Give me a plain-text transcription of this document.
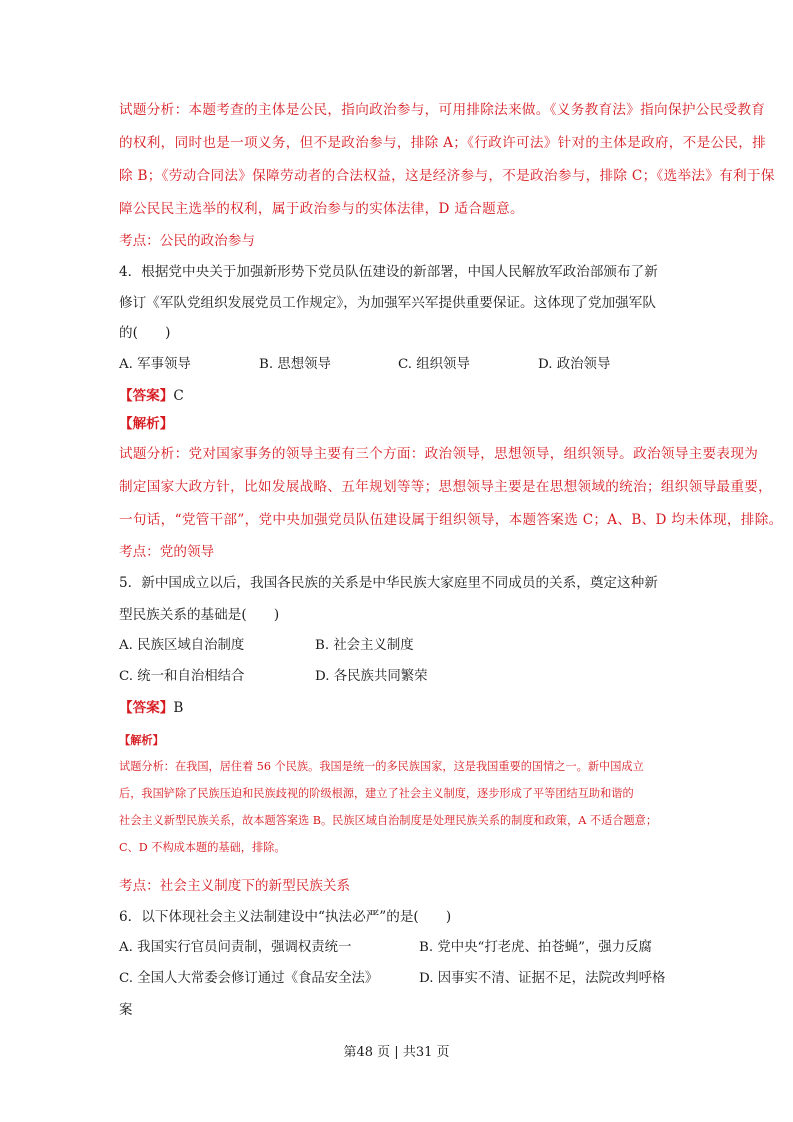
试题分析：本题考查的主体是公民，指向政治参与，可用排除法来做。《义务教育法》指向保护公民受教育

的权利，同时也是一项义务，但不是政治参与，排除 A；《行政许可法》针对的主体是政府，不是公民，排

除 B；《劳动合同法》保障劳动者的合法权益，这是经济参与，不是政治参与，排除 C；《选举法》有利于保

障公民民主选举的权利，属于政治参与的实体法律，D 适合题意。

考点：公民的政治参与

4．根据党中央关于加强新形势下党员队伍建设的新部署，中国人民解放军政治部颁布了新

修订《军队党组织发展党员工作规定》，为加强军兴军提供重要保证。这体现了党加强军队

的(　　)

A. 军事领导	B. 思想领导	C. 组织领导	D. 政治领导

【答案】C

【解析】

试题分析：党对国家事务的领导主要有三个方面：政治领导，思想领导，组织领导。政治领导主要表现为

制定国家大政方针，比如发展战略、五年规划等等；思想领导主要是在思想领域的统治；组织领导最重要，

一句话，“党管干部”，党中央加强党员队伍建设属于组织领导，本题答案选 C；A、B、D 均未体现，排除。

考点：党的领导

5．新中国成立以后，我国各民族的关系是中华民族大家庭里不同成员的关系，奠定这种新

型民族关系的基础是(　　)

A. 民族区域自治制度	B. 社会主义制度
C. 统一和自治相结合	D. 各民族共同繁荣

【答案】B

【解析】

试题分析：在我国，居住着 56 个民族。我国是统一的多民族国家，这是我国重要的国情之一。新中国成立

后，我国铲除了民族压迫和民族歧视的阶级根源，建立了社会主义制度，逐步形成了平等团结互助和谐的

社会主义新型民族关系，故本题答案选 B。民族区域自治制度是处理民族关系的制度和政策，A 不适合题意；

C、D 不构成本题的基础，排除。

考点：社会主义制度下的新型民族关系

6．以下体现社会主义法制建设中“执法必严”的是(　　)

A. 我国实行官员问责制，强调权责统一	B. 党中央“打老虎、拍苍蝇”，强力反腐
C. 全国人大常委会修订通过《食品安全法》	D. 因事实不清、证据不足，法院改判呼格
案
第48 页 | 共31 页
